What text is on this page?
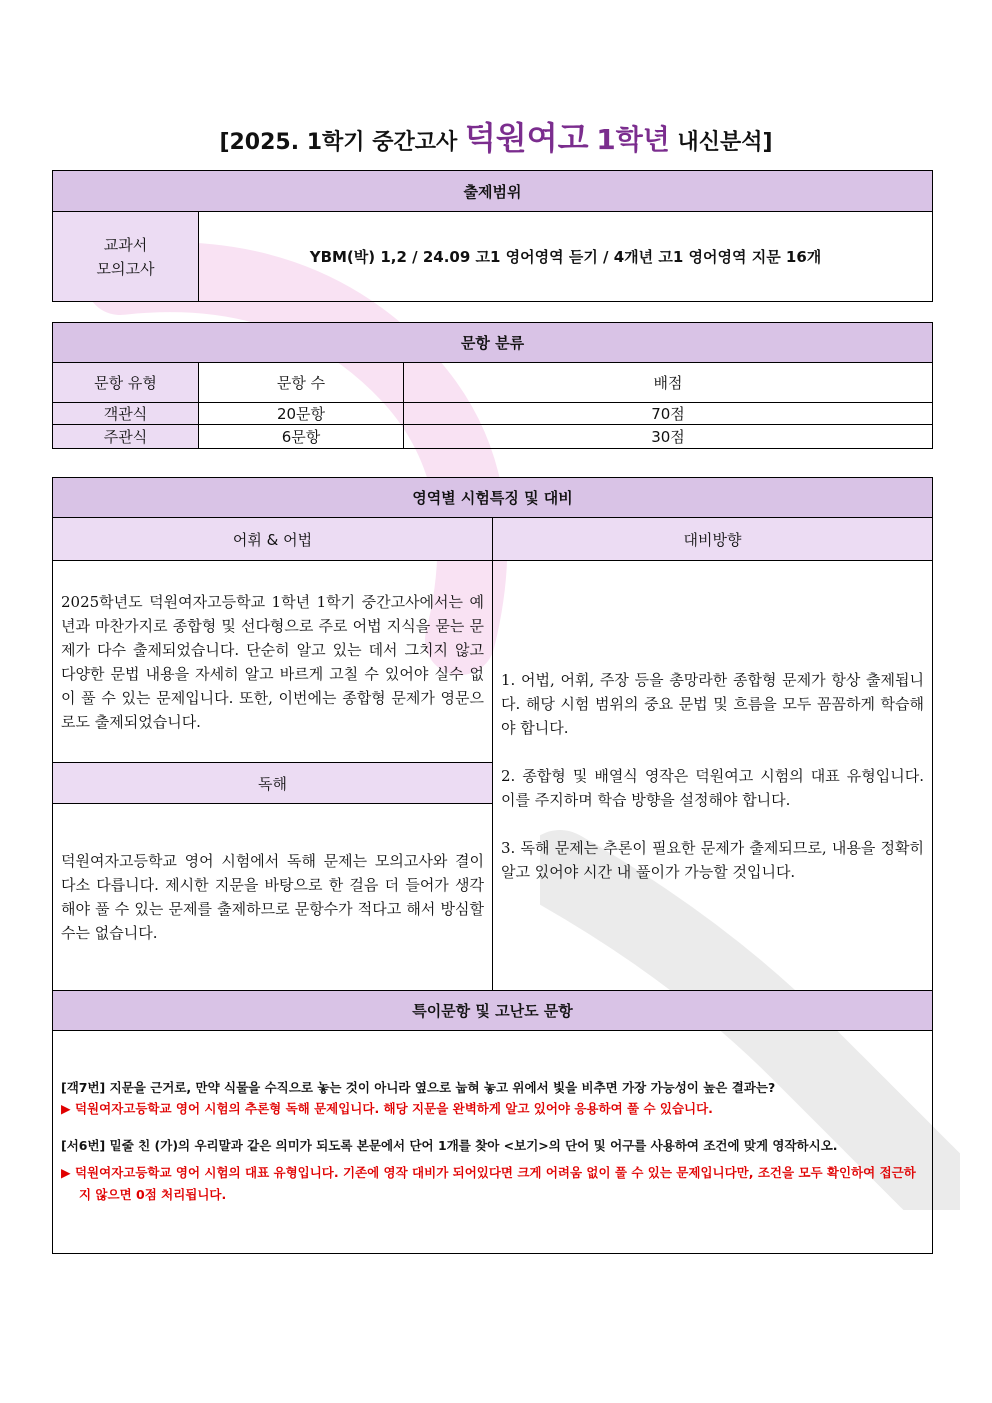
[2025. 1학기 중간고사 덕원여고 1학년 내신분석]
출제범위

교과서
모의고사
	YBM(박) 1,2 / 24.09 고1 영어영역 듣기 / 4개년 고1 영어영역 지문 16개
문항 분류		
문항 유형	문항 수	배점
객관식	20문항	70점
주관식	6문항	30점
영역별 시험특징 및 대비	
어휘 & 어법	대비방향
2025학년도 덕원여자고등학교 1학년 1학기 중간고사에서는 예년과 마찬가지로 종합형 및 선다형으로 주로 어법 지식을 묻는 문제가 다수 출제되었습니다. 단순히 알고 있는 데서 그치지 않고 다양한 문법 내용을 자세히 알고 바르게 고칠 수 있어야 실수 없이 풀 수 있는 문제입니다. 또한, 이번에는 종합형 문제가 영문으로도 출제되었습니다.	1. 어법, 어휘, 주장 등을 총망라한 종합형 문제가 항상 출제됩니다. 해당 시험 범위의 중요 문법 및 흐름을 모두 꼼꼼하게 학습해야 합니다.
2. 종합형 및 배열식 영작은 덕원여고 시험의 대표 유형입니다. 이를 주지하며 학습 방향을 설정해야 합니다.
3. 독해 문제는 추론이 필요한 문제가 출제되므로, 내용을 정확히 알고 있어야 시간 내 풀이가 가능할 것입니다.

독해	
덕원여자고등학교 영어 시험에서 독해 문제는 모의고사와 결이 다소 다릅니다. 제시한 지문을 바탕으로 한 걸음 더 들어가 생각해야 풀 수 있는 문제를 출제하므로 문항수가 적다고 해서 방심할 수는 없습니다.	
특이문항 및 고난도 문항	

[객7번] 지문을 근거로, 만약 식물을 수직으로 놓는 것이 아니라 옆으로 눕혀 놓고 위에서 빛을 비추면 가장 가능성이 높은 결과는?
▶ 덕원여자고등학교 영어 시험의 추론형 독해 문제입니다. 해당 지문을 완벽하게 알고 있어야 응용하여 풀 수 있습니다.
[서6번] 밑줄 친 (가)의 우리말과 같은 의미가 되도록 본문에서 단어 1개를 찾아 <보기>의 단어 및 어구를 사용하여 조건에 맞게 영작하시오.
▶ 덕원여자고등학교 영어 시험의 대표 유형입니다. 기존에 영작 대비가 되어있다면 크게 어려움 없이 풀 수 있는 문제입니다만, 조건을 모두 확인하여 접근하지 않으면 0점 처리됩니다.	
